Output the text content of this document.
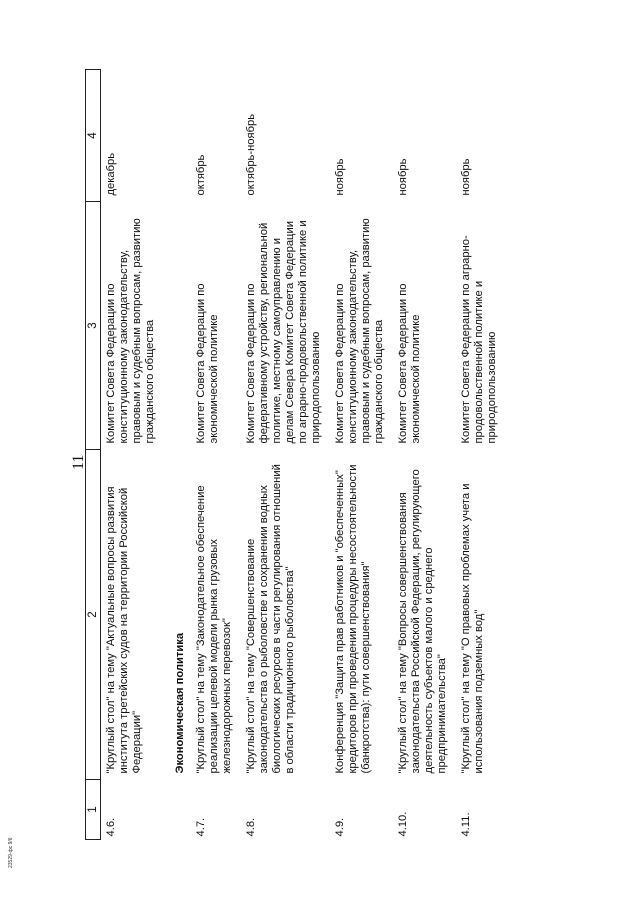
11
1	2	3	4
4.6.	"Круглый стол" на тему "Актуальные вопросы развития института третейских судов на территории Российской Федерации"	Комитет Совета Федерации по конституционному законодательству, правовым и судебным вопросам, развитию гражданского общества	декабрь
	Экономическая политика		
4.7.	"Круглый стол" на тему "Законодательное обеспечение реализации целевой модели рынка грузовых железнодорожных перевозок"	Комитет Совета Федерации по экономической политике	октябрь
4.8.	"Круглый стол" на тему "Совершенствование законодательства о рыболовстве и сохранении водных биологических ресурсов в части регулирования отношений в области традиционного рыболовства"	Комитет Совета Федерации по федеративному устройству, региональной политике, местному самоуправлению и делам Севера Комитет Совета Федерации по аграрно-продовольственной политике и природопользованию	октябрь-ноябрь
4.9.	Конференция "Защита прав работников и "обеспеченных" кредиторов при проведении процедуры несостоятельности (банкротства): пути совершенствования"	Комитет Совета Федерации по конституционному законодательству, правовым и судебным вопросам, развитию гражданского общества	ноябрь
4.10.	"Круглый стол" на тему "Вопросы совершенствования законодательства Российской Федерации, регулирующего деятельность субъектов малого и среднего предпринимательства"	Комитет Совета Федерации по экономической политике	ноябрь
4.11.	"Круглый стол" на тему "О правовых проблемах учета и использования подземных вод"	Комитет Совета Федерации по аграрно-продовольственной политике и природопользованию	ноябрь
23529-фс 9/6
